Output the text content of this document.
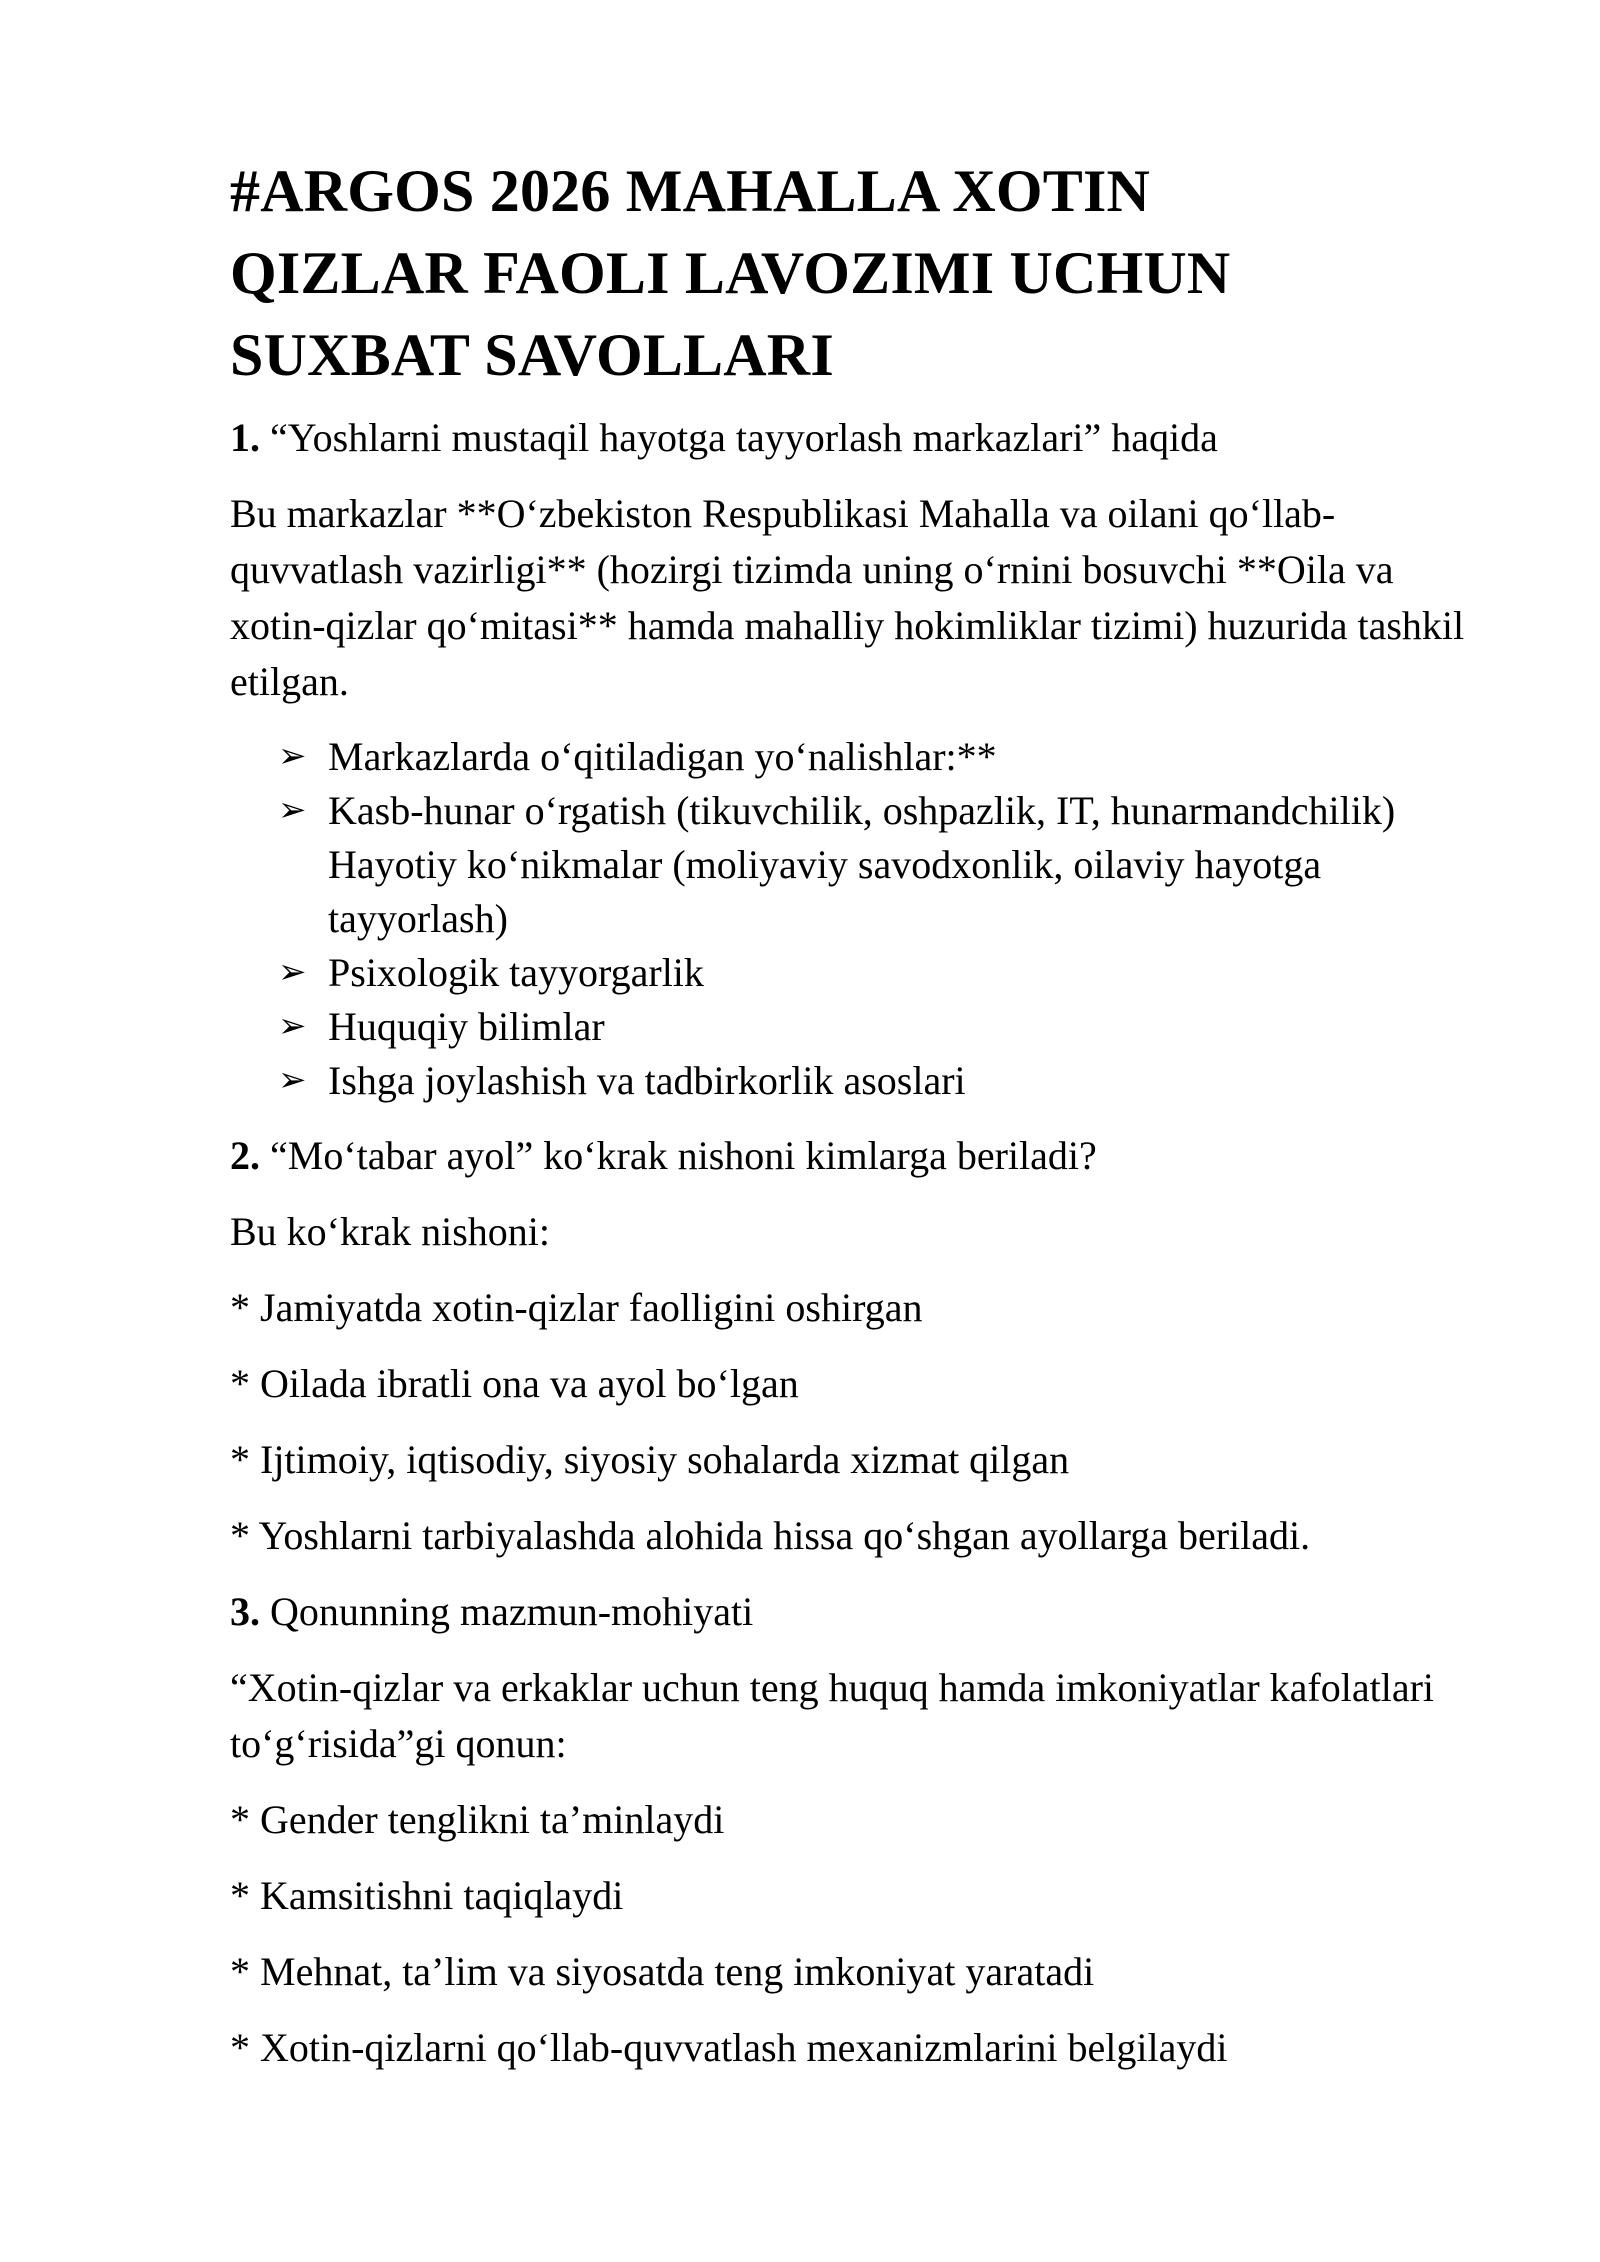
#ARGOS 2026 MAHALLA XOTIN
QIZLAR FAOLI LAVOZIMI UCHUN
SUXBAT SAVOLLARI

1. “Yoshlarni mustaqil hayotga tayyorlash markazlari” haqida

Bu markazlar **O‘zbekiston Respublikasi Mahalla va oilani qo‘llab-quvvatlash vazirligi** (hozirgi tizimda uning o‘rnini bosuvchi **Oila va xotin-qizlar qo‘mitasi** hamda mahalliy hokimliklar tizimi) huzurida tashkil etilgan.

➢ Markazlarda o‘qitiladigan yo‘nalishlar:**
➢ Kasb-hunar o‘rgatish (tikuvchilik, oshpazlik, IT, hunarmandchilik) Hayotiy ko‘nikmalar (moliyaviy savodxonlik, oilaviy hayotga tayyorlash)
➢ Psixologik tayyorgarlik
➢ Huquqiy bilimlar
➢ Ishga joylashish va tadbirkorlik asoslari

2. “Mo‘tabar ayol” ko‘krak nishoni kimlarga beriladi?

Bu ko‘krak nishoni:

* Jamiyatda xotin-qizlar faolligini oshirgan

* Oilada ibratli ona va ayol bo‘lgan

* Ijtimoiy, iqtisodiy, siyosiy sohalarda xizmat qilgan

* Yoshlarni tarbiyalashda alohida hissa qo‘shgan ayollarga beriladi.

3. Qonunning mazmun-mohiyati

“Xotin-qizlar va erkaklar uchun teng huquq hamda imkoniyatlar kafolatlari to‘g‘risida”gi qonun:

* Gender tenglikni ta’minlaydi

* Kamsitishni taqiqlaydi

* Mehnat, ta’lim va siyosatda teng imkoniyat yaratadi

* Xotin-qizlarni qo‘llab-quvvatlash mexanizmlarini belgilaydi
